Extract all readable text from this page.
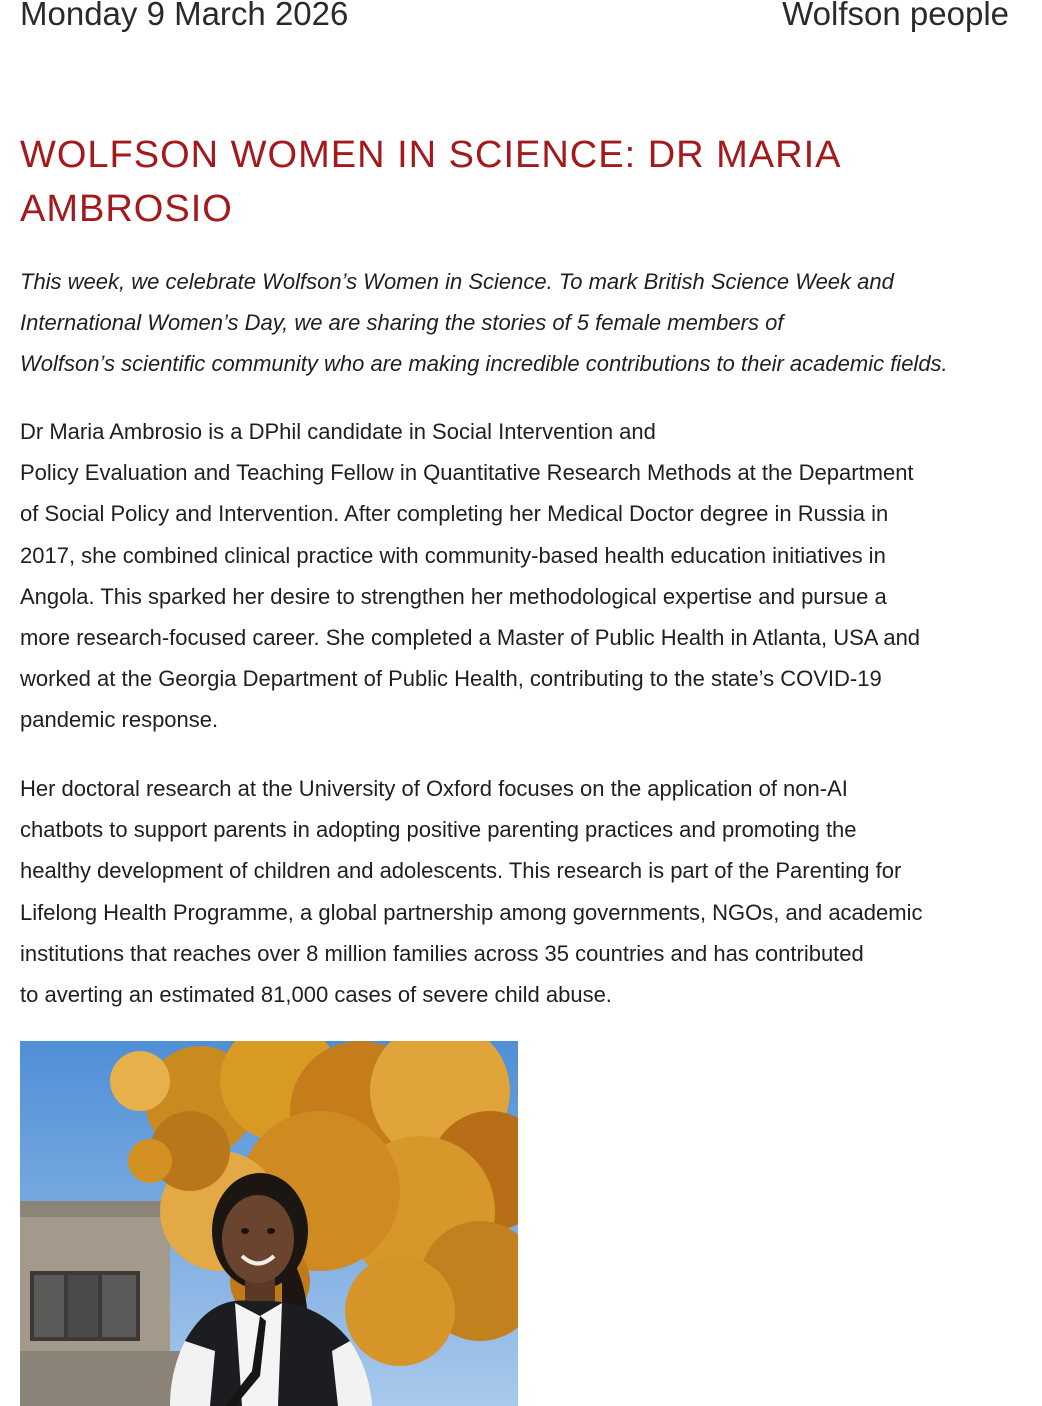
Monday 9 March 2026	Wolfson people
WOLFSON WOMEN IN SCIENCE: DR MARIA
AMBROSIO

This week, we celebrate Wolfson’s Women in Science. To mark British Science Week and
International Women’s Day, we are sharing the stories of 5 female members of
Wolfson’s scientific community who are making incredible contributions to their academic fields.

Dr Maria Ambrosio is a DPhil candidate in Social Intervention and
Policy Evaluation and Teaching Fellow in Quantitative Research Methods at the Department
of Social Policy and Intervention. After completing her Medical Doctor degree in Russia in
2017, she combined clinical practice with community-based health education initiatives in
Angola. This sparked her desire to strengthen her methodological expertise and pursue a
more research-focused career. She completed a Master of Public Health in Atlanta, USA and
worked at the Georgia Department of Public Health, contributing to the state’s COVID-19
pandemic response.

Her doctoral research at the University of Oxford focuses on the application of non-AI
chatbots to support parents in adopting positive parenting practices and promoting the
healthy development of children and adolescents. This research is part of the Parenting for
Lifelong Health Programme, a global partnership among governments, NGOs, and academic
institutions that reaches over 8 million families across 35 countries and has contributed
to averting an estimated 81,000 cases of severe child abuse.
